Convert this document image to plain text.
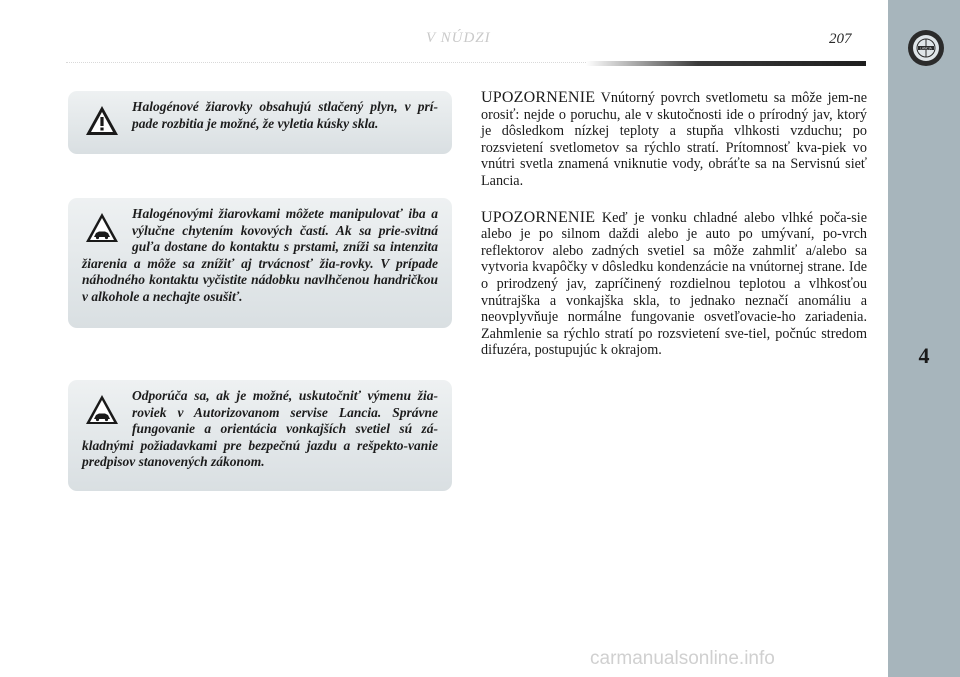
V NÚDZI	207
LANCIA
4

Halogénové žiarovky obsahujú stlačený plyn, v prí-pade rozbitia je možné, že vyletia kúsky skla.

Halogénovými žiarovkami môžete manipulovať iba a výlučne chytením kovových častí. Ak sa prie-svitná guľa dostane do kontaktu s prstami, zníži sa intenzita žiarenia a môže sa znížiť aj trvácnosť žia-rovky. V prípade náhodného kontaktu vyčistite nádobku navlhčenou handričkou v alkohole a nechajte osušiť.

Odporúča sa, ak je možné, uskutočniť výmenu žia-roviek v Autorizovanom servise Lancia. Správne fungovanie a orientácia vonkajších svetiel sú zá-kladnými požiadavkami pre bezpečnú jazdu a rešpekto-vanie predpisov stanovených zákonom.

UPOZORNENIE Vnútorný povrch svetlometu sa môže jem-ne orosiť: nejde o poruchu, ale v skutočnosti ide o prírodný jav, ktorý je dôsledkom nízkej teploty a stupňa vlhkosti vzduchu; po rozsvietení svetlometov sa rýchlo stratí. Prítomnosť kva-piek vo vnútri svetla znamená vniknutie vody, obráťte sa na Servisnú sieť Lancia.

UPOZORNENIE Keď je vonku chladné alebo vlhké poča-sie alebo je po silnom daždi alebo je auto po umývaní, po-vrch reflektorov alebo zadných svetiel sa môže zahmliť a/alebo sa vytvoria kvapôčky v dôsledku kondenzácie na vnútornej strane. Ide o prirodzený jav, zapríčinený rozdielnou teplotou a vlhkosťou vnútrajška a vonkajška skla, to jednako neznačí anomáliu a neovplyvňuje normálne fungovanie osvetľovacie-ho zariadenia. Zahmlenie sa rýchlo stratí po rozsvietení sve-tiel, počnúc stredom difuzéra, postupujúc k okrajom.

carmanualsonline.info
